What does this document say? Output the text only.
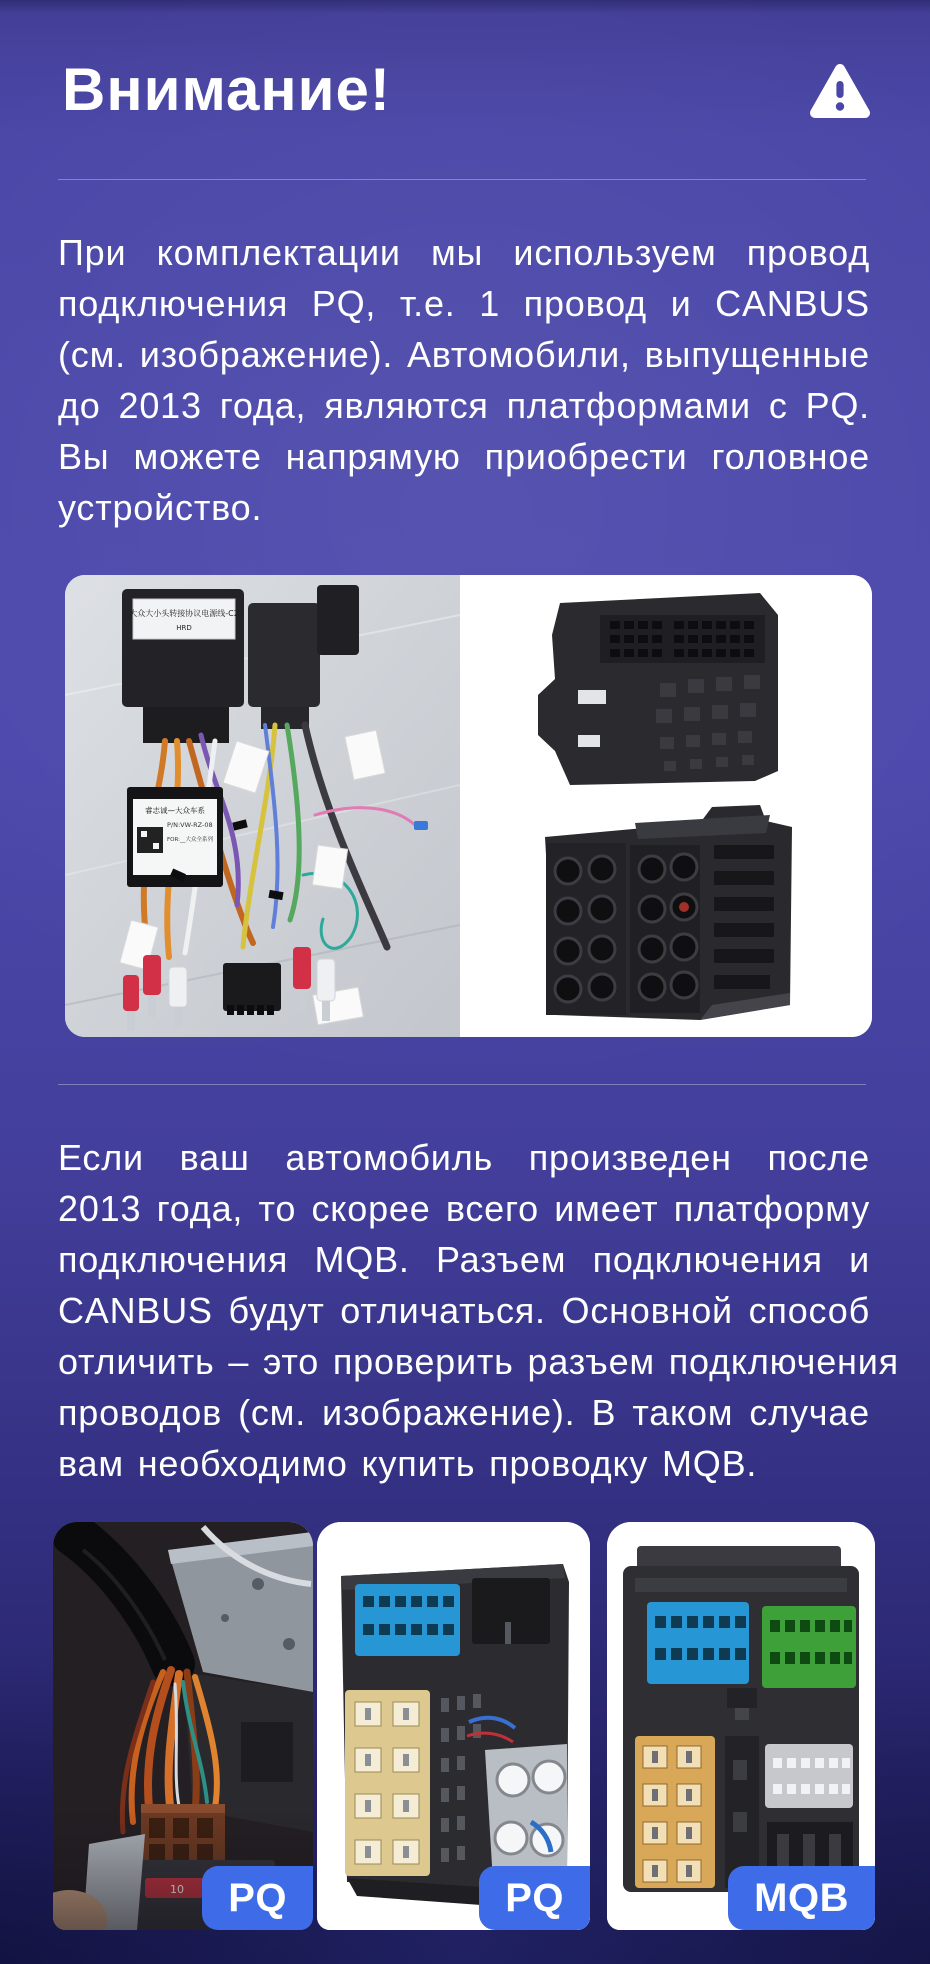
Внимание!
При комплектации мы используем провод
подключения PQ, т.е. 1 провод и CANBUS
(см. изображение). Автомобили, выпущенные
до 2013 года, являются платформами с PQ.
Вы можете напрямую приобрести головное
устройство.
大众大小头转接协议电源线-C2
HRD
睿志诚—大众车系
P/N:VW-RZ-08
FOR:__大众全系列
Если ваш автомобиль произведен после
2013 года, то скорее всего имеет платформу
подключения MQB. Разъем подключения и
CANBUS будут отличаться. Основной способ
отличить – это проверить разъем подключения
проводов (см. изображение). В таком случае
вам необходимо купить проводку MQB.
PQ	PQ	MQB
